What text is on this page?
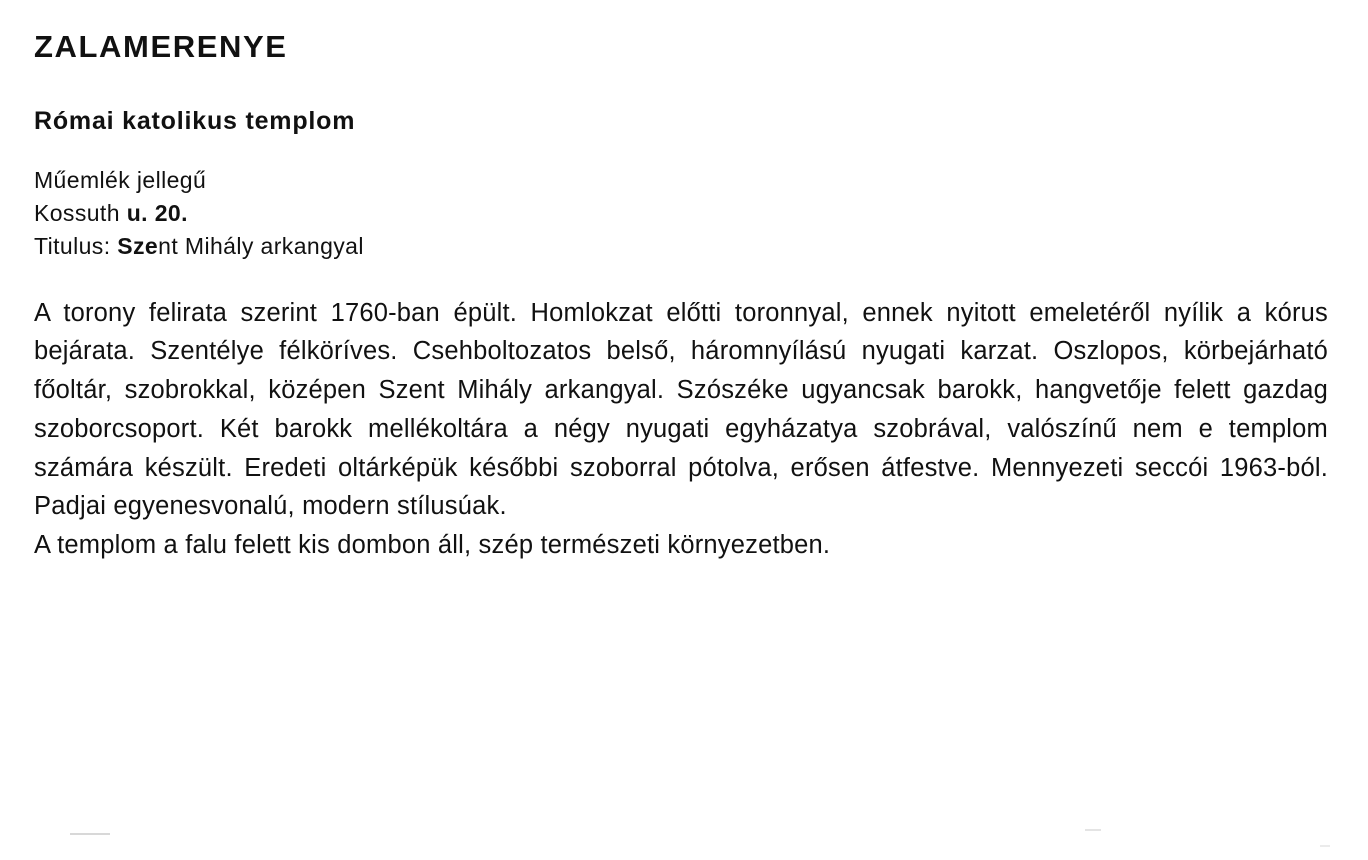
ZALAMERENYE
Római katolikus templom
Műemlék jellegű
Kossuth u. 20.
Titulus: Szent Mihály arkangyal

A torony felirata szerint 1760-ban épült. Homlokzat előtti toronnyal, ennek nyitott emeletéről nyílik a kórus bejárata. Szentélye félköríves. Csehboltozatos belső, háromnyílású nyugati karzat. Oszlopos, körbejárható főoltár, szobrokkal, középen Szent Mihály arkangyal. Szószéke ugyancsak barokk, hangvetője felett gazdag szoborcsoport. Két barokk mellékoltára a négy nyugati egyházatya szobrával, valószínű nem e templom számára készült. Eredeti oltárképük későbbi szoborral pótolva, erősen átfestve. Mennyezeti seccói 1963-ból. Padjai egyenesvonalú, modern stílusúak.

A templom a falu felett kis dombon áll, szép természeti környezetben.
